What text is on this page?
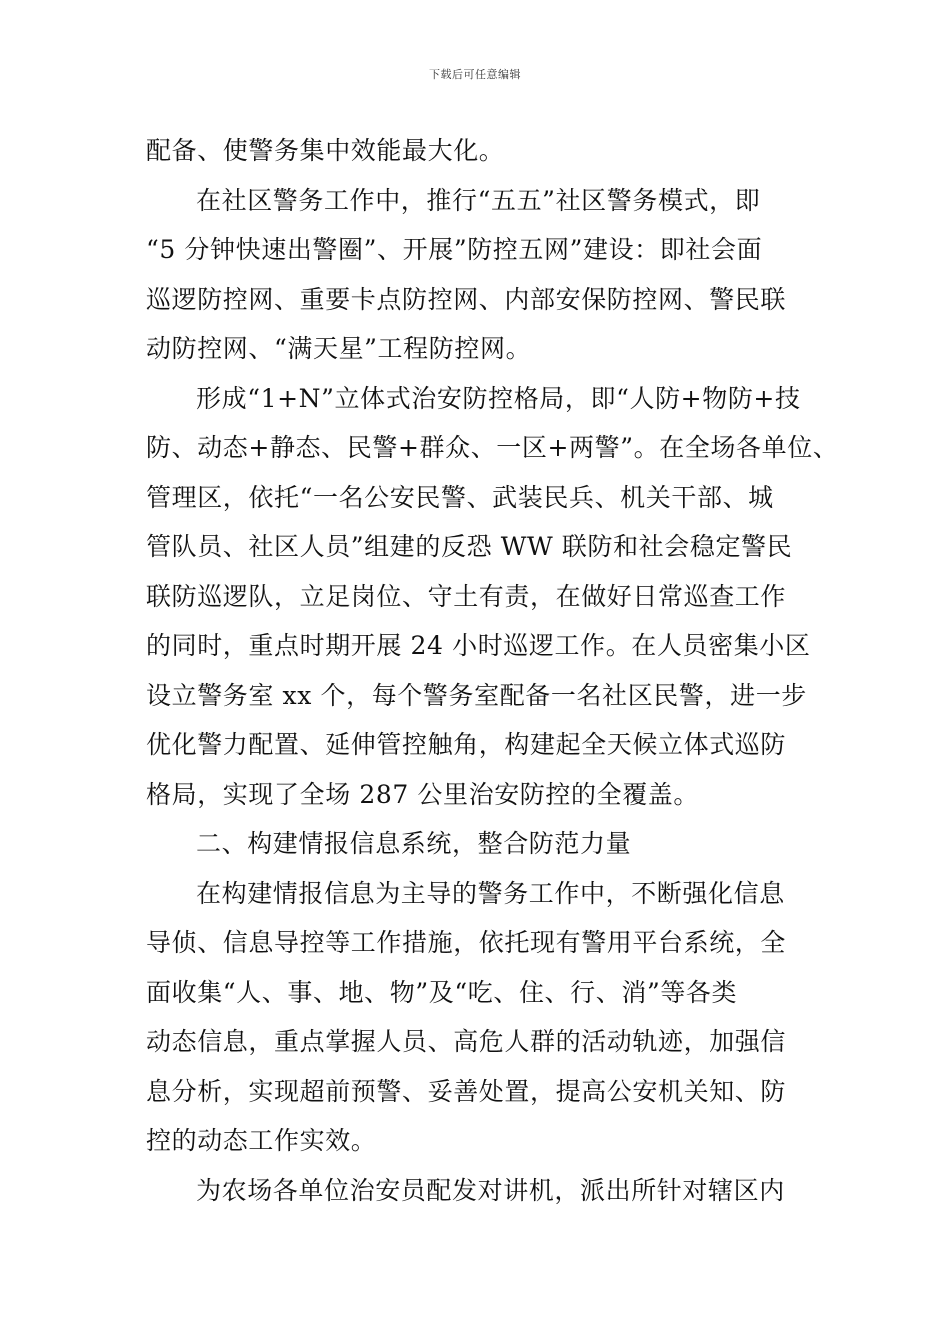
下载后可任意编辑
配备、使警务集中效能最大化。
在社区警务工作中，推行“五五”社区警务模式，即
“5 分钟快速出警圈”、开展”防控五网”建设：即社会面
巡逻防控网、重要卡点防控网、内部安保防控网、警民联
动防控网、“满天星”工程防控网。
形成“1+N”立体式治安防控格局，即“人防+物防+技
防、动态+静态、民警+群众、一区+两警”。在全场各单位、
管理区，依托“一名公安民警、武装民兵、机关干部、城
管队员、社区人员”组建的反恐 WW 联防和社会稳定警民
联防巡逻队，立足岗位、守土有责，在做好日常巡查工作
的同时，重点时期开展 24 小时巡逻工作。在人员密集小区
设立警务室 xx 个，每个警务室配备一名社区民警，进一步
优化警力配置、延伸管控触角，构建起全天候立体式巡防
格局，实现了全场 287 公里治安防控的全覆盖。
二、构建情报信息系统，整合防范力量
在构建情报信息为主导的警务工作中，不断强化信息
导侦、信息导控等工作措施，依托现有警用平台系统，全
面收集“人、事、地、物”及“吃、住、行、消”等各类
动态信息，重点掌握人员、高危人群的活动轨迹，加强信
息分析，实现超前预警、妥善处置，提高公安机关知、防
控的动态工作实效。
为农场各单位治安员配发对讲机，派出所针对辖区内
